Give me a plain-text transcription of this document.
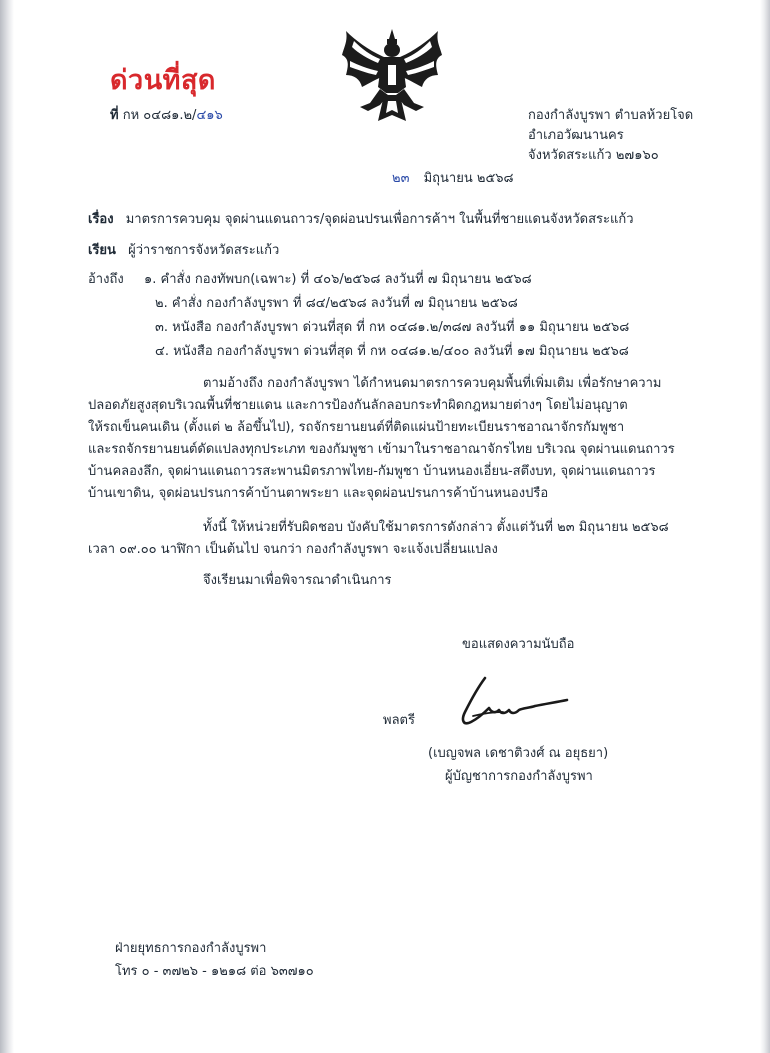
ด่วนที่สุด
ที่ กห ๐๔๘๑.๒/๔๑๖	กองกำลังบูรพา ตำบลห้วยโจด
อำเภอวัฒนานคร
จังหวัดสระแก้ว ๒๗๑๖๐
๒๓ มิถุนายน ๒๕๖๘
เรื่อง มาตรการควบคุม จุดผ่านแดนถาวร/จุดผ่อนปรนเพื่อการค้าฯ ในพื้นที่ชายแดนจังหวัดสระแก้ว
เรียน ผู้ว่าราชการจังหวัดสระแก้ว
อ้างถึง ๑. คำสั่ง กองทัพบก(เฉพาะ) ที่ ๔๐๖/๒๕๖๘ ลงวันที่ ๗ มิถุนายน ๒๕๖๘
๒. คำสั่ง กองกำลังบูรพา ที่ ๘๔/๒๕๖๘ ลงวันที่ ๗ มิถุนายน ๒๕๖๘
๓. หนังสือ กองกำลังบูรพา ด่วนที่สุด ที่ กห ๐๔๘๑.๒/๓๘๗ ลงวันที่ ๑๑ มิถุนายน ๒๕๖๘
๔. หนังสือ กองกำลังบูรพา ด่วนที่สุด ที่ กห ๐๔๘๑.๒/๔๐๐ ลงวันที่ ๑๗ มิถุนายน ๒๕๖๘

ตามอ้างถึง กองกำลังบูรพา ได้กำหนดมาตรการควบคุมพื้นที่เพิ่มเติม เพื่อรักษาความ

ปลอดภัยสูงสุดบริเวณพื้นที่ชายแดน และการป้องกันลักลอบกระทำผิดกฎหมายต่างๆ โดยไม่อนุญาต

ให้รถเข็นคนเดิน (ตั้งแต่ ๒ ล้อขึ้นไป), รถจักรยานยนต์ที่ติดแผ่นป้ายทะเบียนราชอาณาจักรกัมพูชา

และรถจักรยานยนต์ดัดแปลงทุกประเภท ของกัมพูชา เข้ามาในราชอาณาจักรไทย บริเวณ จุดผ่านแดนถาวร

บ้านคลองลึก, จุดผ่านแดนถาวรสะพานมิตรภาพไทย-กัมพูชา บ้านหนองเอี่ยน-สตึงบท, จุดผ่านแดนถาวร

บ้านเขาดิน, จุดผ่อนปรนการค้าบ้านตาพระยา และจุดผ่อนปรนการค้าบ้านหนองปรือ

ทั้งนี้ ให้หน่วยที่รับผิดชอบ บังคับใช้มาตรการดังกล่าว ตั้งแต่วันที่ ๒๓ มิถุนายน ๒๕๖๘

เวลา ๐๙.๐๐ นาฬิกา เป็นต้นไป จนกว่า กองกำลังบูรพา จะแจ้งเปลี่ยนแปลง

จึงเรียนมาเพื่อพิจารณาดำเนินการ

ขอแสดงความนับถือ
พลตรี
(เบญจพล เดชาติวงศ์ ณ อยุธยา)
ผู้บัญชาการกองกำลังบูรพา
ฝ่ายยุทธการกองกำลังบูรพา
โทร ๐ - ๓๗๒๖ - ๑๒๑๘ ต่อ ๖๓๗๑๐
